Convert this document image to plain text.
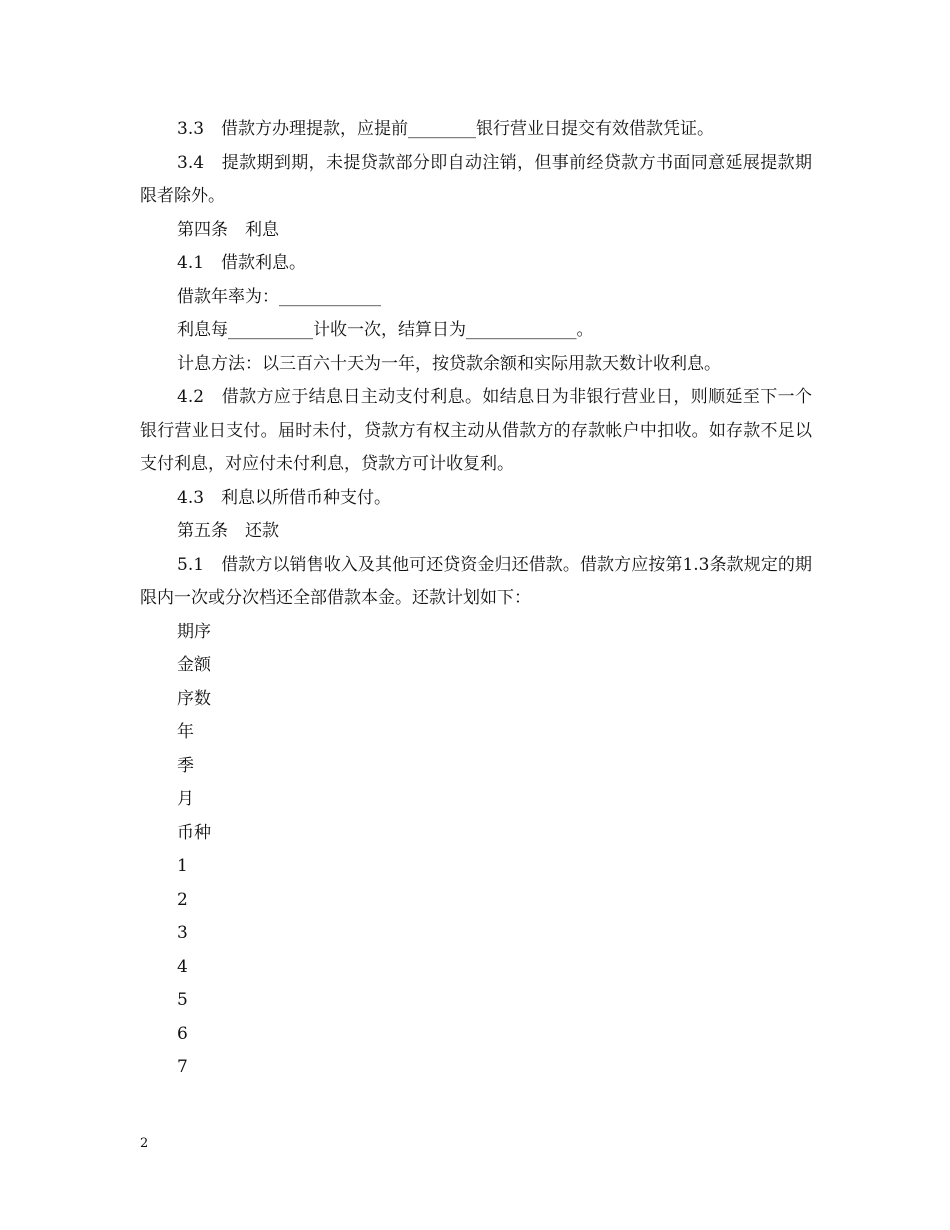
3.3　借款方办理提款，应提前________银行营业日提交有效借款凭证。

3.4　提款期到期，未提贷款部分即自动注销，但事前经贷款方书面同意延展提款期限者除外。

第四条　利息

4.1　借款利息。

借款年率为：____________

利息每__________计收一次，结算日为_____________。

计息方法：以三百六十天为一年，按贷款余额和实际用款天数计收利息。

4.2　借款方应于结息日主动支付利息。如结息日为非银行营业日，则顺延至下一个银行营业日支付。届时未付，贷款方有权主动从借款方的存款帐户中扣收。如存款不足以支付利息，对应付未付利息，贷款方可计收复利。

4.3　利息以所借币种支付。

第五条　还款

5.1　借款方以销售收入及其他可还贷资金归还借款。借款方应按第1.3条款规定的期限内一次或分次档还全部借款本金。还款计划如下：

期序

金额

序数

年

季

月

币种

1

2

3

4

5

6

7

2
